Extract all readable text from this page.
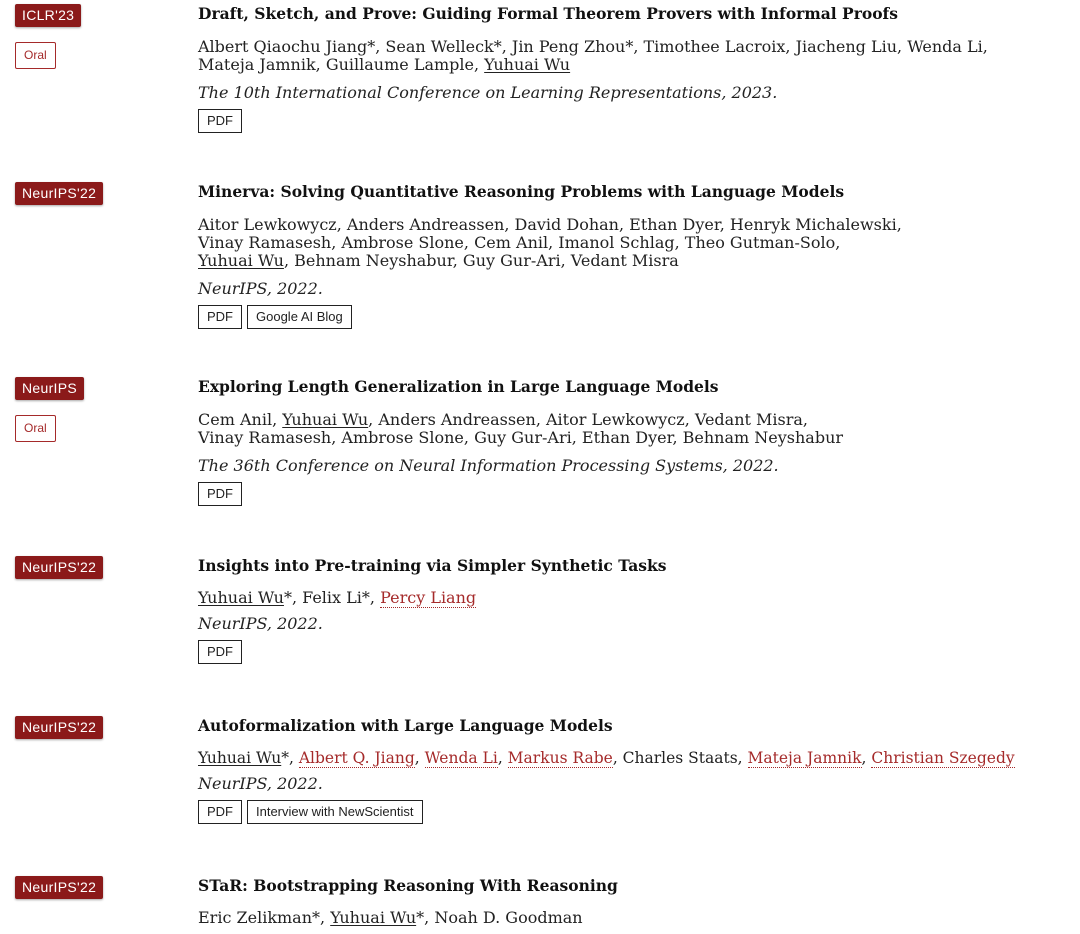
ICLR'23
Oral
Draft, Sketch, and Prove: Guiding Formal Theorem Provers with Informal Proofs
Albert Qiaochu Jiang*, Sean Welleck*, Jin Peng Zhou*, Timothee Lacroix, Jiacheng Liu, Wenda Li,
Mateja Jamnik, Guillaume Lample, Yuhuai Wu
The 10th International Conference on Learning Representations, 2023.
PDF
NeurIPS'22	Minerva: Solving Quantitative Reasoning Problems with Language Models
Aitor Lewkowycz, Anders Andreassen, David Dohan, Ethan Dyer, Henryk Michalewski,
Vinay Ramasesh, Ambrose Slone, Cem Anil, Imanol Schlag, Theo Gutman-Solo,
Yuhuai Wu, Behnam Neyshabur, Guy Gur-Ari, Vedant Misra
NeurIPS, 2022.
PDF	Google AI Blog
NeurIPS
Oral
Exploring Length Generalization in Large Language Models
Cem Anil, Yuhuai Wu, Anders Andreassen, Aitor Lewkowycz, Vedant Misra,
Vinay Ramasesh, Ambrose Slone, Guy Gur-Ari, Ethan Dyer, Behnam Neyshabur
The 36th Conference on Neural Information Processing Systems, 2022.
PDF
NeurIPS'22	Insights into Pre-training via Simpler Synthetic Tasks
Yuhuai Wu*, Felix Li*, Percy Liang
NeurIPS, 2022.
PDF
NeurIPS'22	Autoformalization with Large Language Models
Yuhuai Wu*, Albert Q. Jiang, Wenda Li, Markus Rabe, Charles Staats, Mateja Jamnik, Christian Szegedy
NeurIPS, 2022.
PDF	Interview with NewScientist
NeurIPS'22	STaR: Bootstrapping Reasoning With Reasoning
Eric Zelikman*, Yuhuai Wu*, Noah D. Goodman
